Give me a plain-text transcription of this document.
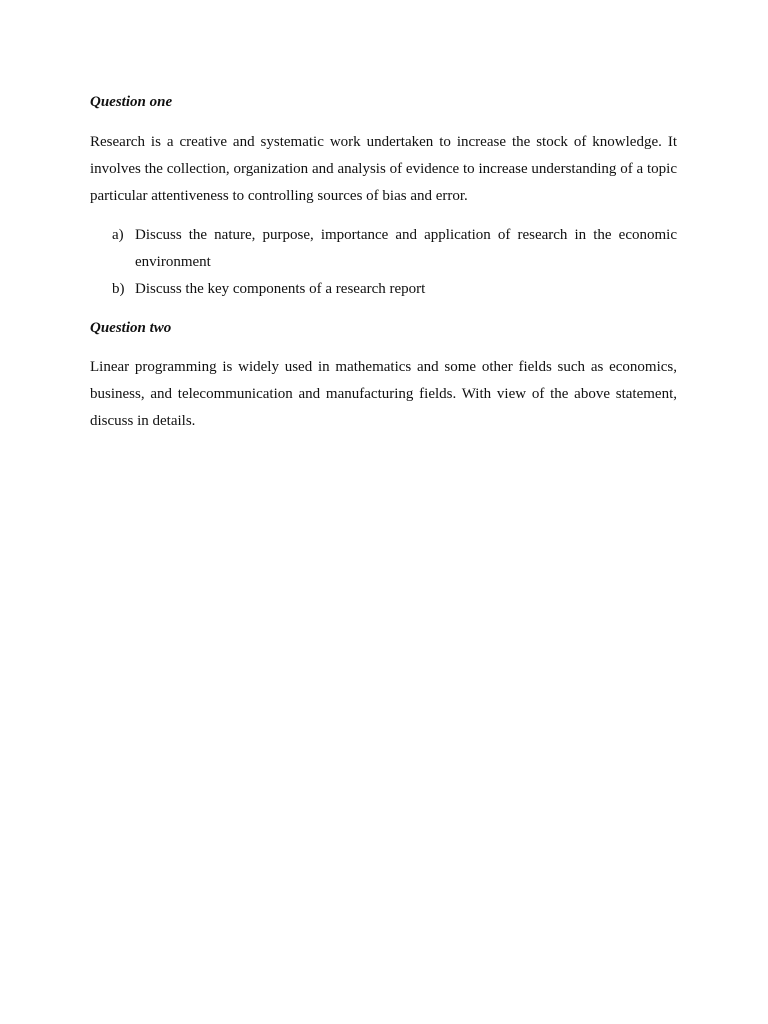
Question one

Research is a creative and systematic work undertaken to increase the stock of knowledge. It involves the collection, organization and analysis of evidence to increase understanding of a topic particular attentiveness to controlling sources of bias and error.

a) Discuss the nature, purpose, importance and application of research in the economic environment
b) Discuss the key components of a research report

Question two

Linear programming is widely used in mathematics and some other fields such as economics, business, and telecommunication and manufacturing fields. With view of the above statement, discuss in details.
